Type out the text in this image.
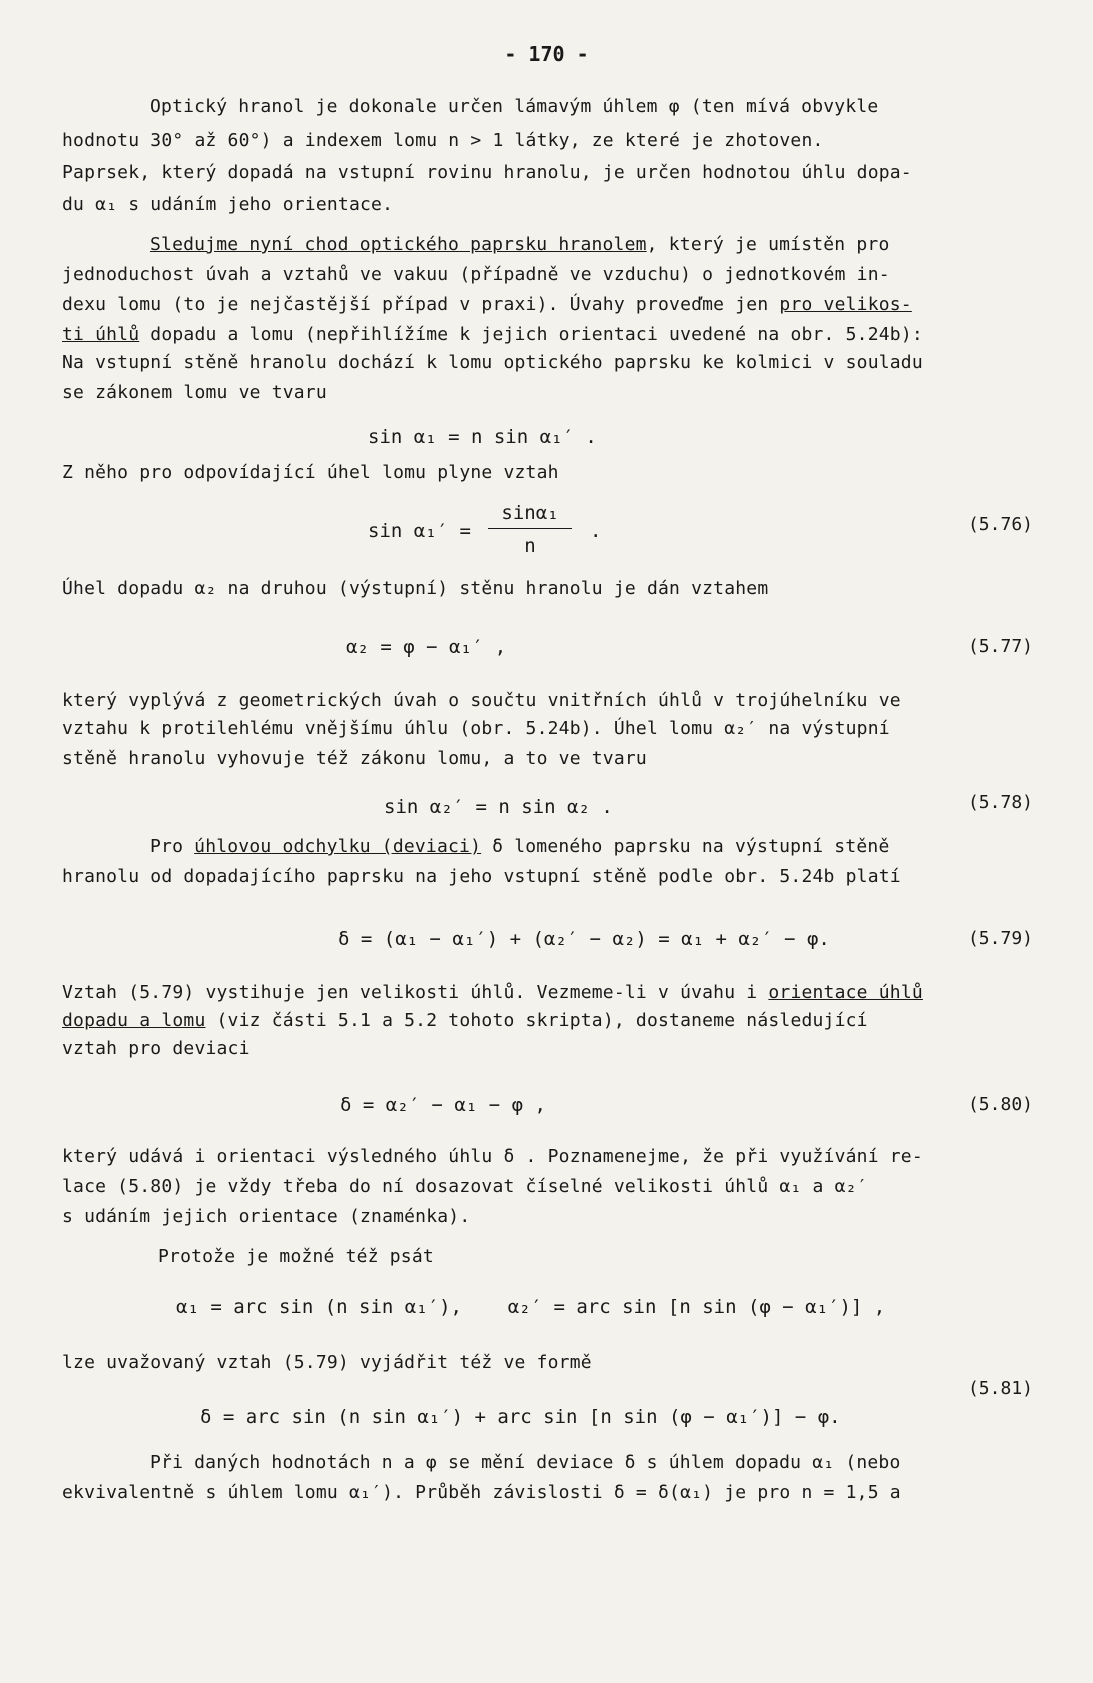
- 170 -
Optický hranol je dokonale určen lámavým úhlem φ (ten mívá obvykle
hodnotu 30° až 60°) a indexem lomu n > 1 látky, ze které je zhotoven.
Paprsek, který dopadá na vstupní rovinu hranolu, je určen hodnotou úhlu dopa-
du α₁ s udáním jeho orientace.
Sledujme nyní chod optického paprsku hranolem, který je umístěn pro
jednoduchost úvah a vztahů ve vakuu (případně ve vzduchu) o jednotkovém in-
dexu lomu (to je nejčastější případ v praxi). Úvahy proveďme jen pro velikos-
ti úhlů dopadu a lomu (nepřihlížíme k jejich orientaci uvedené na obr. 5.24b):
Na vstupní stěně hranolu dochází k lomu optického paprsku ke kolmici v souladu
se zákonem lomu ve tvaru
sin α₁ = n sin α₁′ .
Z něho pro odpovídající úhel lomu plyne vztah
$\sin \alpha_1' = \frac{\text{sinα₁}}{n}$ .	(5.76)
Úhel dopadu α₂ na druhou (výstupní) stěnu hranolu je dán vztahem
α₂ = φ − α₁′ ,	(5.77)
který vyplývá z geometrických úvah o součtu vnitřních úhlů v trojúhelníku ve
vztahu k protilehlému vnějšímu úhlu (obr. 5.24b). Úhel lomu α₂′ na výstupní
stěně hranolu vyhovuje též zákonu lomu, a to ve tvaru
sin α₂′ = n sin α₂ .	(5.78)
Pro úhlovou odchylku (deviaci) δ lomeného paprsku na výstupní stěně
hranolu od dopadajícího paprsku na jeho vstupní stěně podle obr. 5.24b platí
δ = (α₁ − α₁′) + (α₂′ − α₂) = α₁ + α₂′ − φ.	(5.79)
Vztah (5.79) vystihuje jen velikosti úhlů. Vezmeme-li v úvahu i orientace úhlů
dopadu a lomu (viz části 5.1 a 5.2 tohoto skripta), dostaneme následující
vztah pro deviaci
δ = α₂′ − α₁ − φ ,	(5.80)
který udává i orientaci výsledného úhlu δ . Poznamenejme, že při využívání re-
lace (5.80) je vždy třeba do ní dosazovat číselné velikosti úhlů α₁ a α₂′
s udáním jejich orientace (znaménka).
Protože je možné též psát
α₁ = arc sin (n sin α₁′),    α₂′ = arc sin [n sin (φ − α₁′)] ,
lze uvažovaný vztah (5.79) vyjádřit též ve formě
(5.81)
δ = arc sin (n sin α₁′) + arc sin [n sin (φ − α₁′)] − φ.
Při daných hodnotách n a φ se mění deviace δ s úhlem dopadu α₁ (nebo
ekvivalentně s úhlem lomu α₁′). Průběh závislosti δ = δ(α₁) je pro n = 1,5 a
